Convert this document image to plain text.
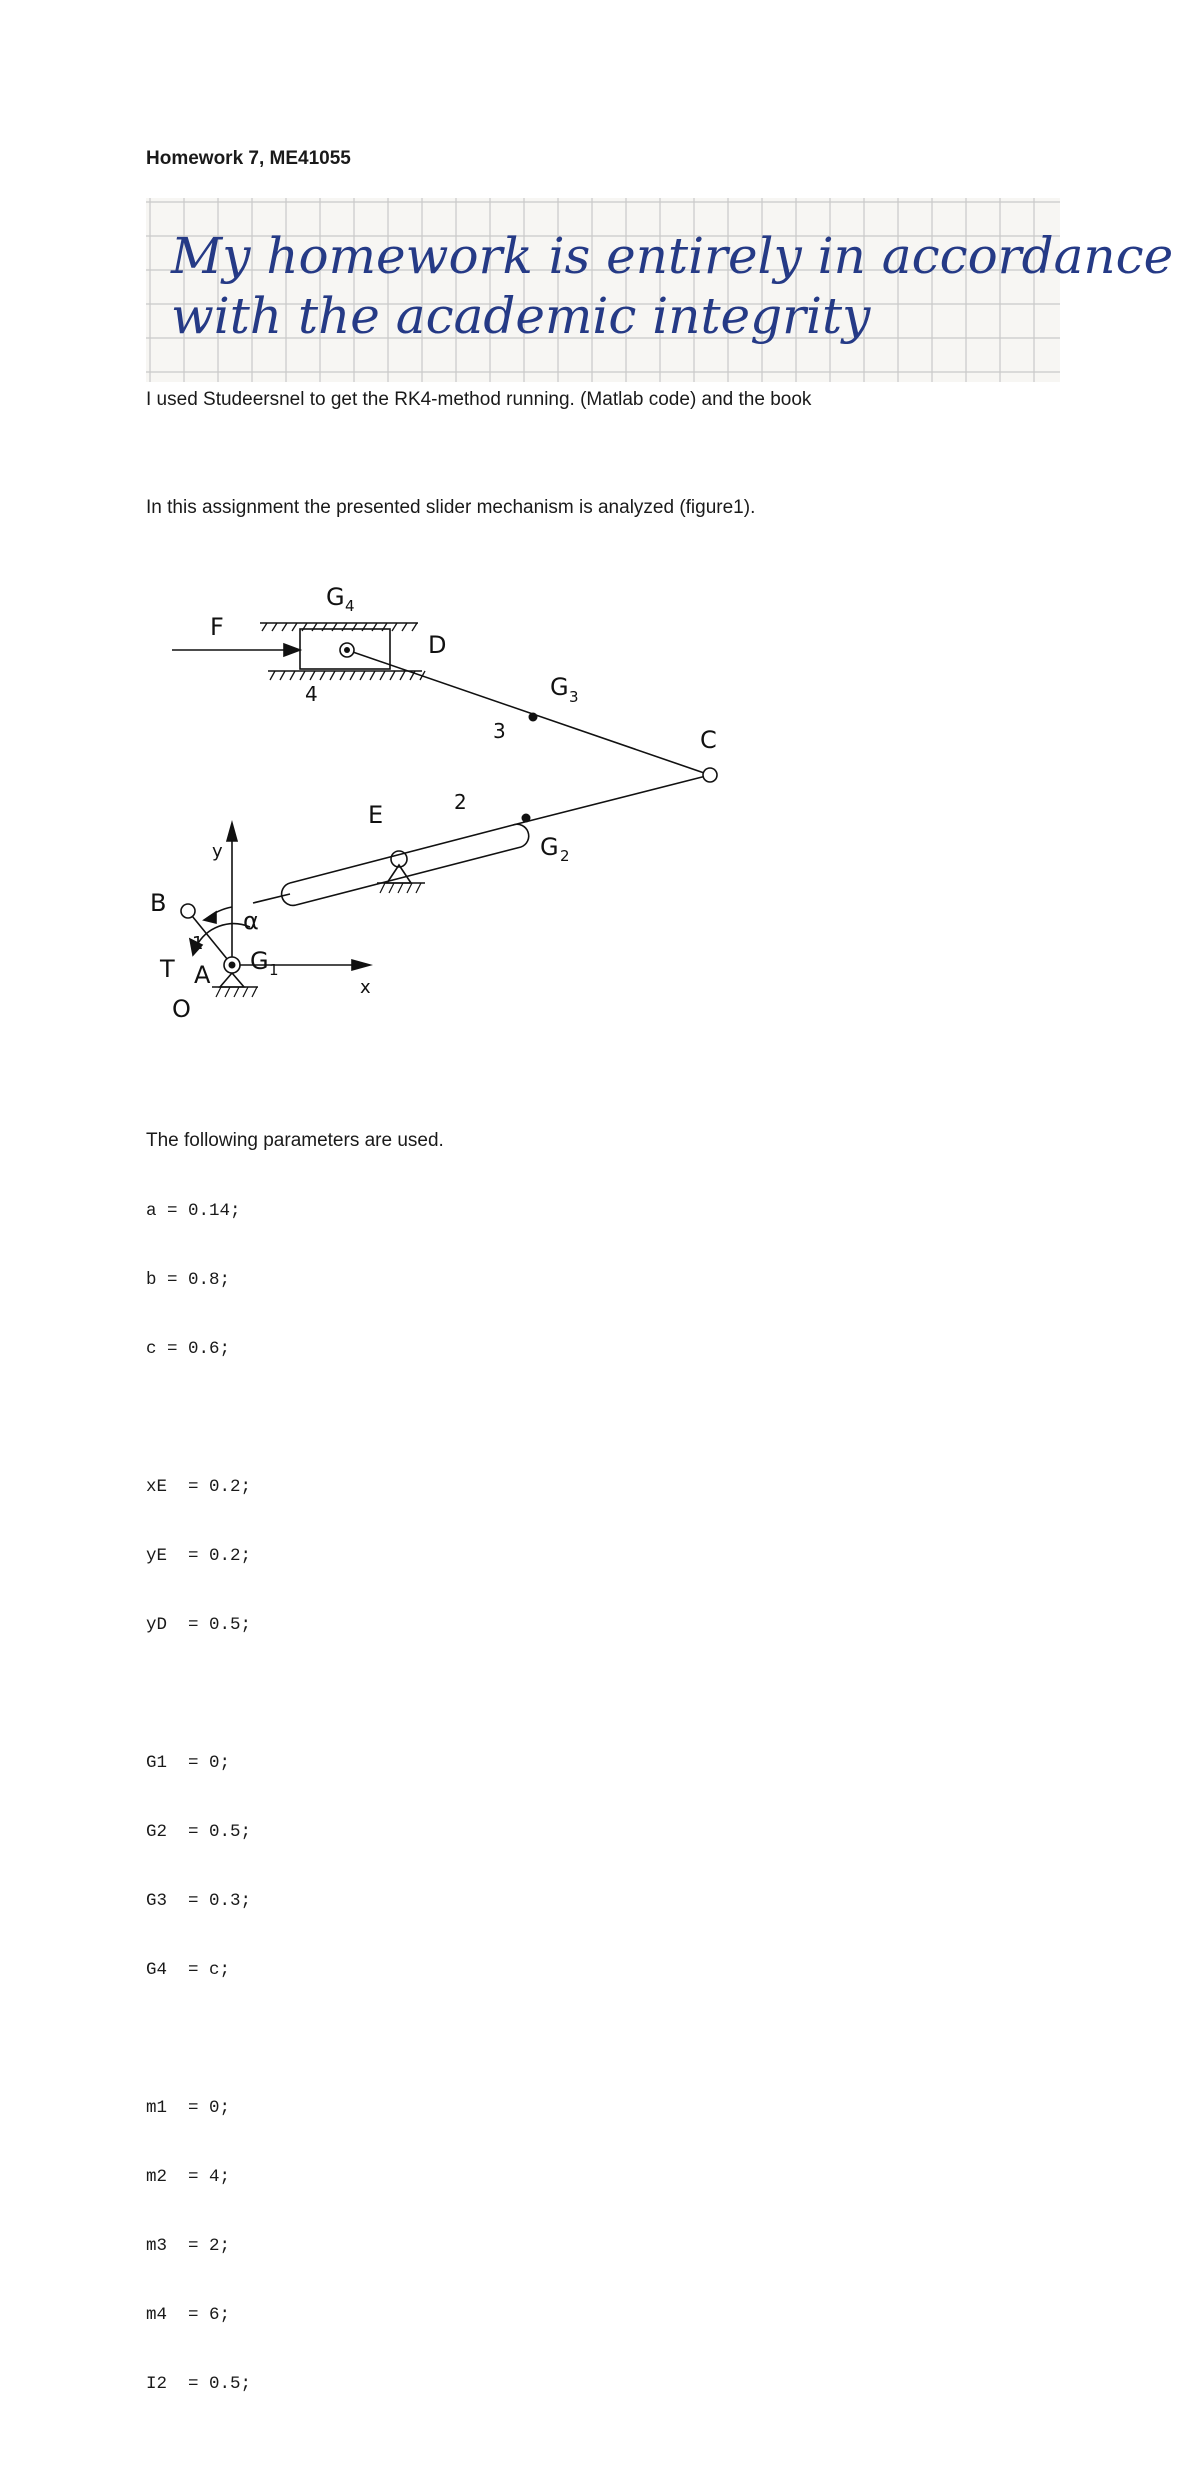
Homework 7, ME41055
My homework is entirely in accordance
with the academic integrity
I used Studeersnel to get the RK4-method running. (Matlab code) and the book
In this assignment the presented slider mechanism is analyzed (figure1).
G 4
F
D
4	G 3
3	C
E	2
G 2
y
B
α
1
T A G 1
x
O
The following parameters are used.

a = 0.14;

b = 0.8;

c = 0.6;

xE  = 0.2;

yE  = 0.2;

yD  = 0.5;

G1  = 0;

G2  = 0.5;

G3  = 0.3;

G4  = c;

m1  = 0;

m2  = 4;

m3  = 2;

m4  = 6;

I2  = 0.5;
